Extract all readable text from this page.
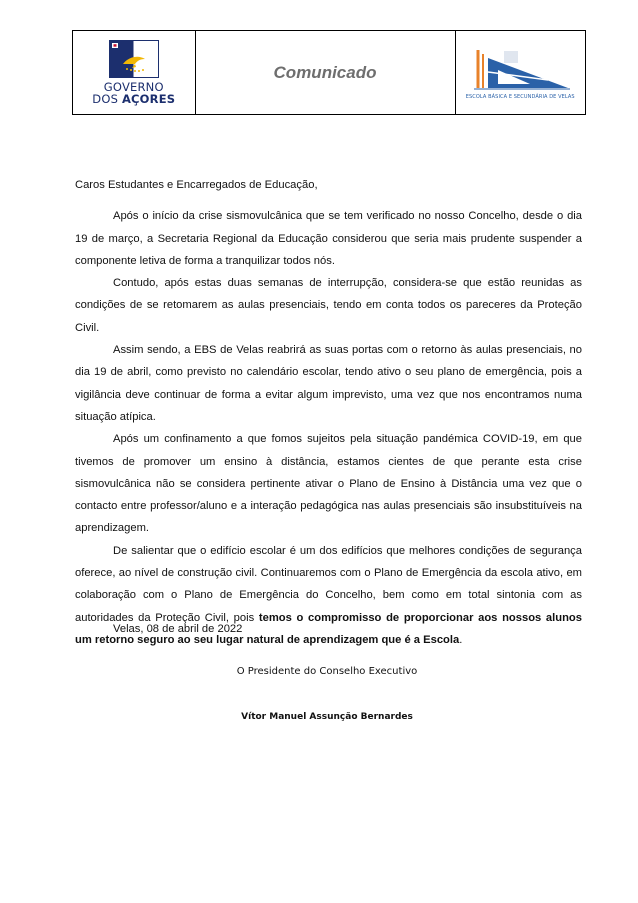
GOVERNO
DOS AÇORES
Comunicado
ESCOLA BÁSICA E SECUNDÁRIA DE VELAS

Caros Estudantes e Encarregados de Educação,

Após o início da crise sismovulcânica que se tem verificado no nosso Concelho, desde o dia 19 de março, a Secretaria Regional da Educação considerou que seria mais prudente suspender a componente letiva de forma a tranquilizar todos nós.

Contudo, após estas duas semanas de interrupção, considera-se que estão reunidas as condições de se retomarem as aulas presenciais, tendo em conta todos os pareceres da Proteção Civil.

Assim sendo, a EBS de Velas reabrirá as suas portas com o retorno às aulas presenciais, no dia 19 de abril, como previsto no calendário escolar, tendo ativo o seu plano de emergência, pois a vigilância deve continuar de forma a evitar algum imprevisto, uma vez que nos encontramos numa situação atípica.

Após um confinamento a que fomos sujeitos pela situação pandémica COVID-19, em que tivemos de promover um ensino à distância, estamos cientes de que perante esta crise sismovulcânica não se considera pertinente ativar o Plano de Ensino à Distância uma vez que o contacto entre professor/aluno e a interação pedagógica nas aulas presenciais são insubstituíveis na aprendizagem.

De salientar que o edifício escolar é um dos edifícios que melhores condições de segurança oferece, ao nível de construção civil. Continuaremos com o Plano de Emergência da escola ativo, em colaboração com o Plano de Emergência do Concelho, bem como em total sintonia com as autoridades da Proteção Civil, pois temos o compromisso de proporcionar aos nossos alunos um retorno seguro ao seu lugar natural de aprendizagem que é a Escola.

Velas, 08 de abril de 2022
O Presidente do Conselho Executivo
Vítor Manuel Assunção Bernardes
